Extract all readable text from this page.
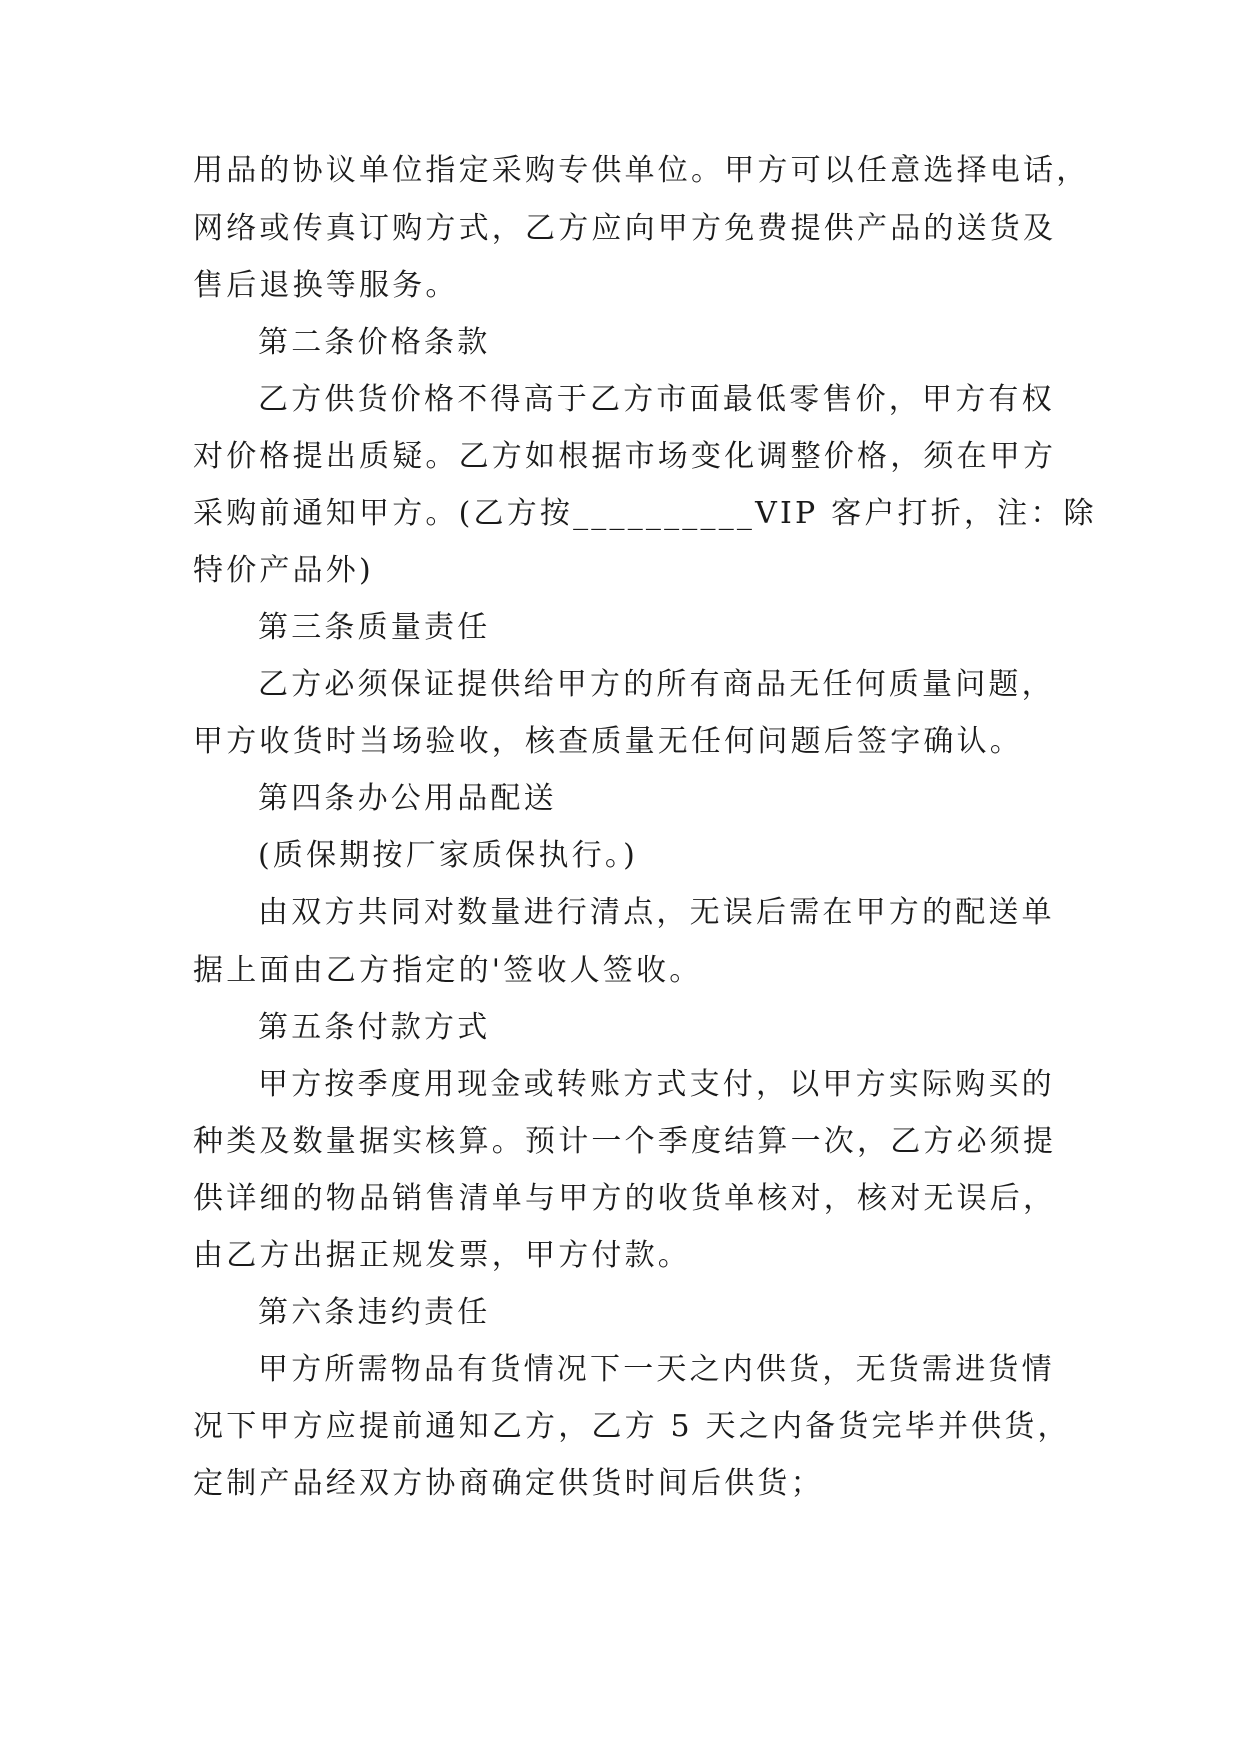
用品的协议单位指定采购专供单位。甲方可以任意选择电话，
网络或传真订购方式，乙方应向甲方免费提供产品的送货及
售后退换等服务。
第二条价格条款
乙方供货价格不得高于乙方市面最低零售价，甲方有权
对价格提出质疑。乙方如根据市场变化调整价格，须在甲方
采购前通知甲方。(乙方按__________VIP 客户打折，注：除
特价产品外)
第三条质量责任
乙方必须保证提供给甲方的所有商品无任何质量问题，
甲方收货时当场验收，核查质量无任何问题后签字确认。
第四条办公用品配送
(质保期按厂家质保执行。)
由双方共同对数量进行清点，无误后需在甲方的配送单
据上面由乙方指定的'签收人签收。
第五条付款方式
甲方按季度用现金或转账方式支付，以甲方实际购买的
种类及数量据实核算。预计一个季度结算一次，乙方必须提
供详细的物品销售清单与甲方的收货单核对，核对无误后，
由乙方出据正规发票，甲方付款。
第六条违约责任
甲方所需物品有货情况下一天之内供货，无货需进货情
况下甲方应提前通知乙方，乙方 5 天之内备货完毕并供货，
定制产品经双方协商确定供货时间后供货；
